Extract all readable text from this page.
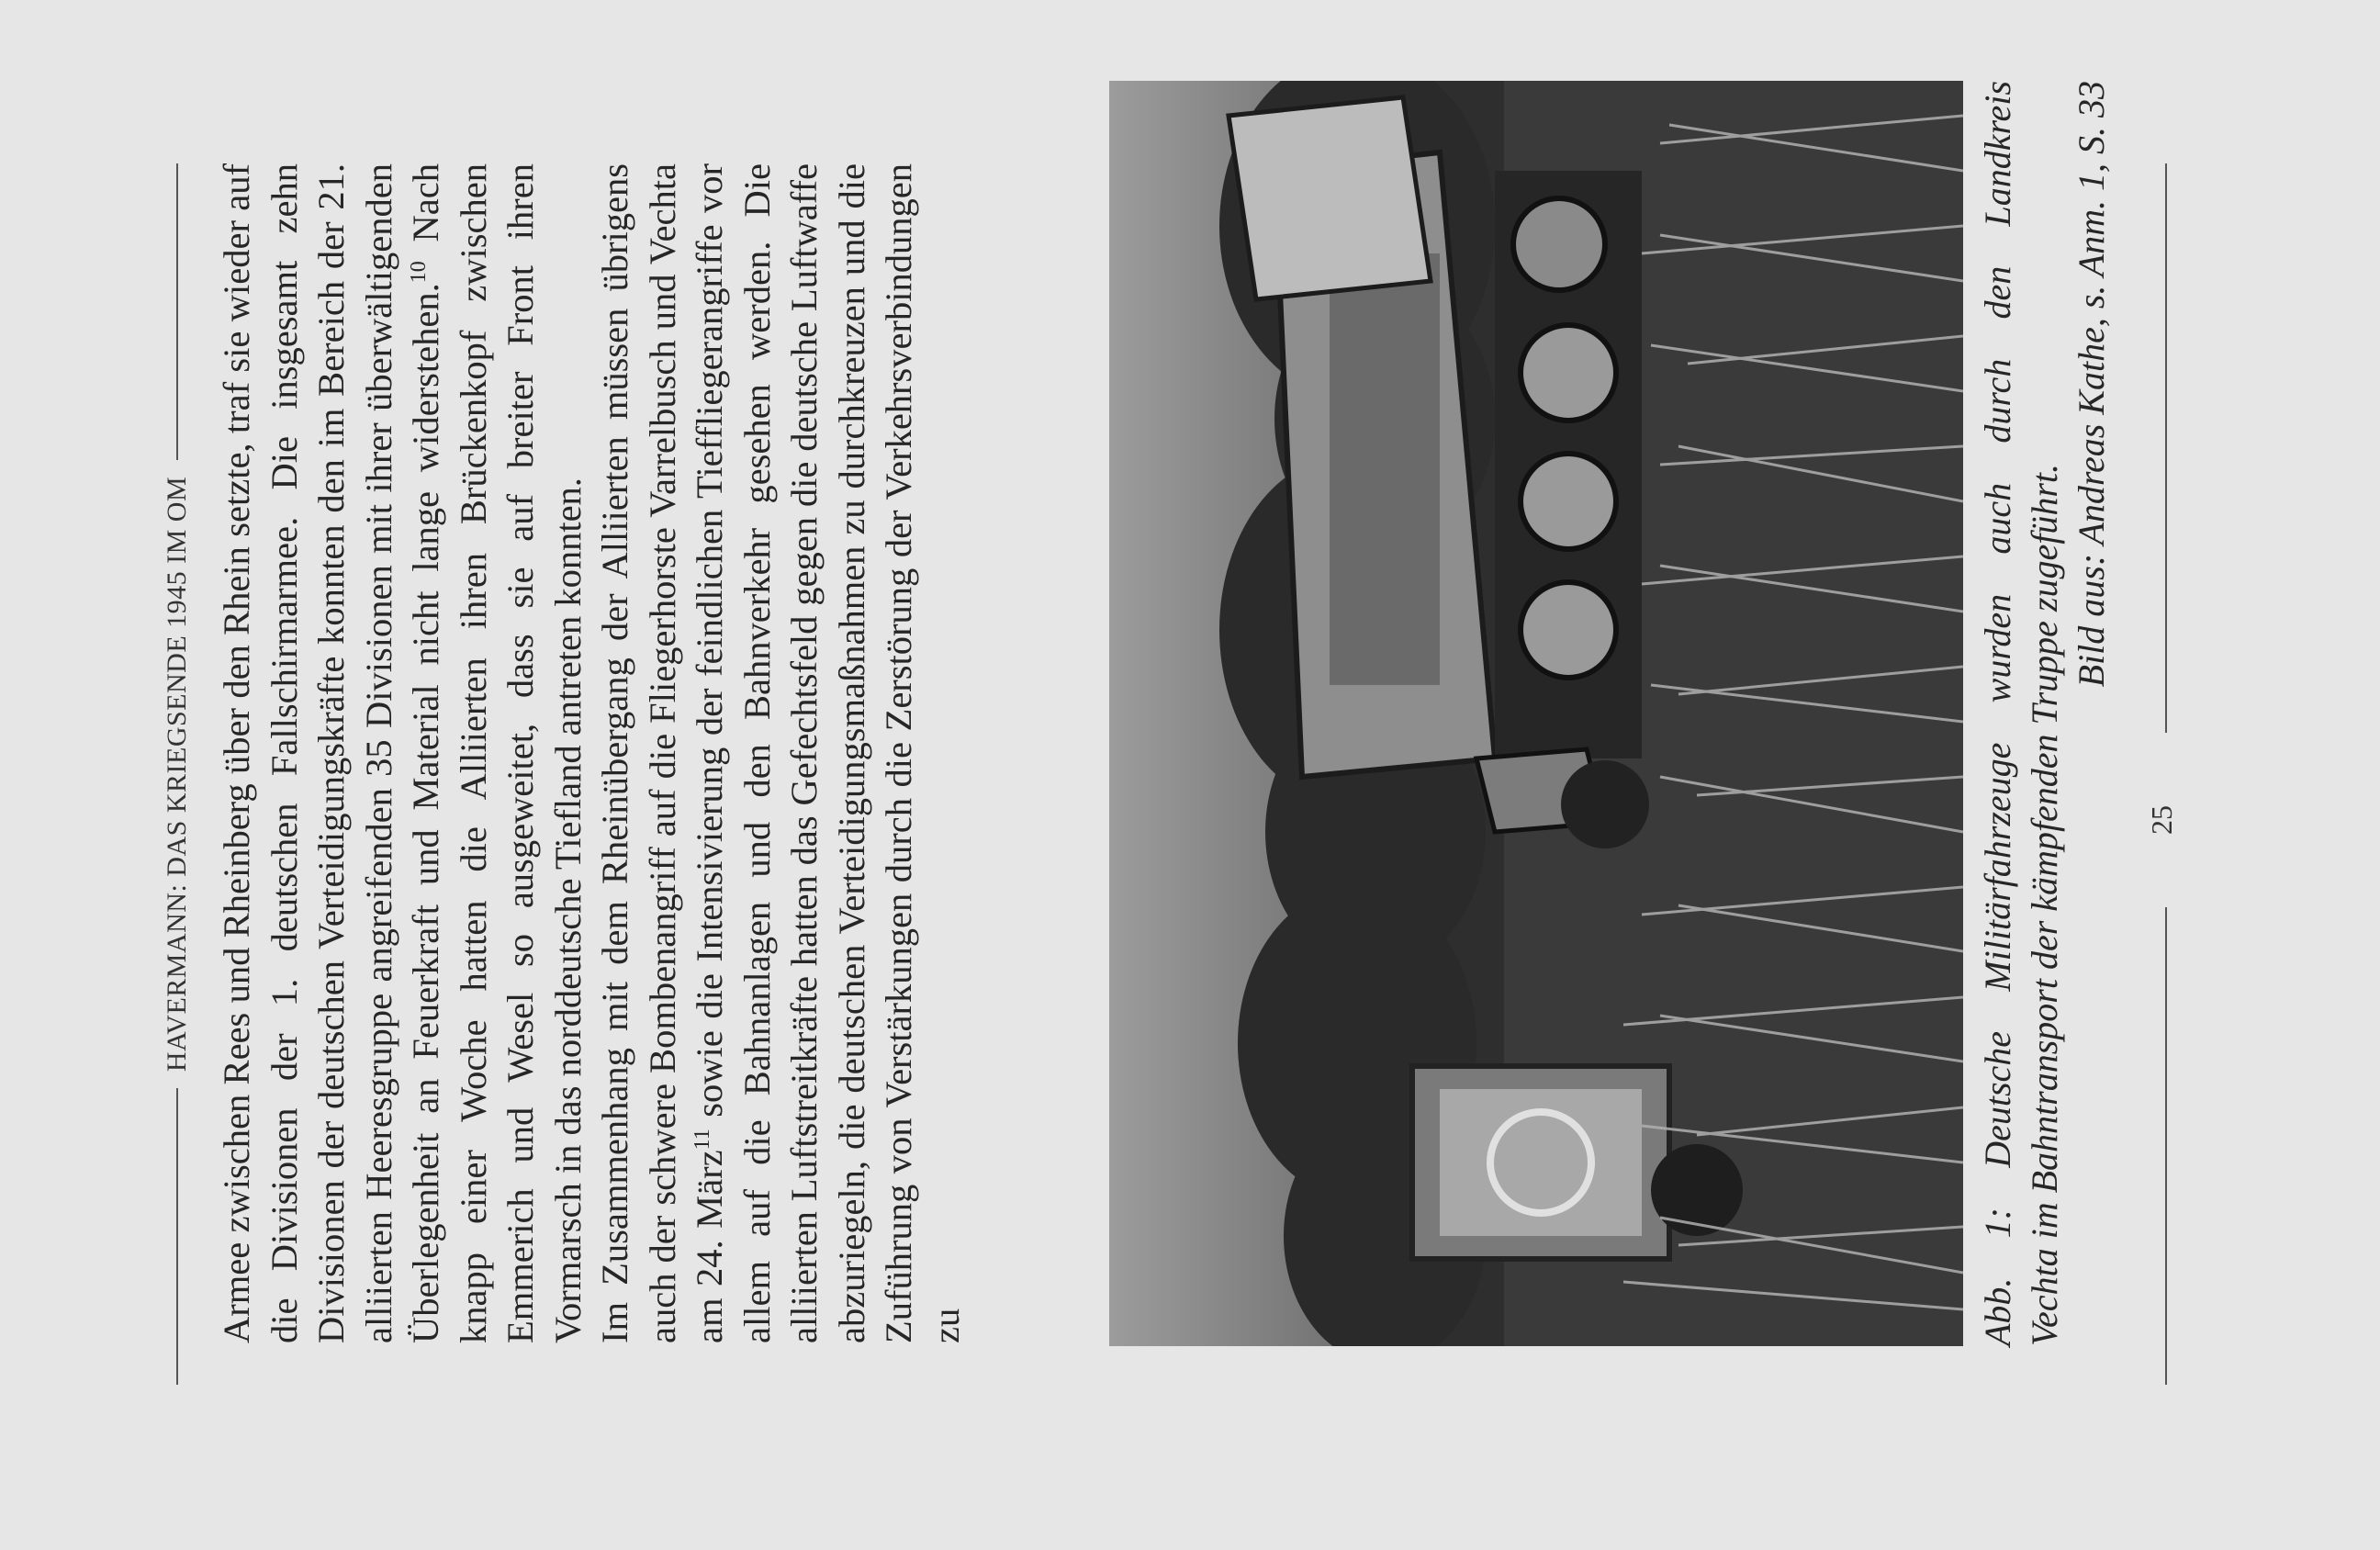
HAVERMANN: DAS KRIEGSENDE 1945 IM OM Armee zwischen Rees und Rheinberg über den Rhein setzte, traf sie wieder auf die Divisionen der 1. deutschen Fallschirmarmee. Die insgesamt zehn Divisionen der deutschen Verteidigungskräfte konnten den im Bereich der 21. alliierten Heeresgruppe angreifenden 35 Divisionen mit ihrer überwältigenden Überlegenheit an Feuerkraft und Material nicht lange widerstehen.$^{10}$ Nach knapp einer Woche hatten die Alliierten ihren Brückenkopf zwischen Emmerich und Wesel so ausgeweitet, dass sie auf breiter Front ihren Vormarsch in das norddeutsche Tiefland antreten konnten. Im Zusammenhang mit dem Rheinübergang der Alliierten müssen übrigens auch der schwere Bombenangriff auf die Fliegerhorste Varrelbusch und Vechta am 24. März$^{11}$ sowie die Intensivierung der feindlichen Tieffliegerangriffe vor allem auf die Bahnanlagen und den Bahnverkehr gesehen werden. Die alliierten Luftstreitkräfte hatten das Gefechtsfeld gegen die deutsche Luftwaffe abzuriegeln, die deutschen Verteidigungsmaßnahmen zu durchkreuzen und die Zuführung von Verstärkungen durch die Zerstörung der Verkehrsverbindungen zu	Abb. 1: Deutsche Militärfahrzeuge wurden auch durch den Landkreis Vechta im Bahntransport der kämpfenden Truppe zugeführt.
Bild aus: Andreas Kathe, s. Anm. 1, S. 33
25
